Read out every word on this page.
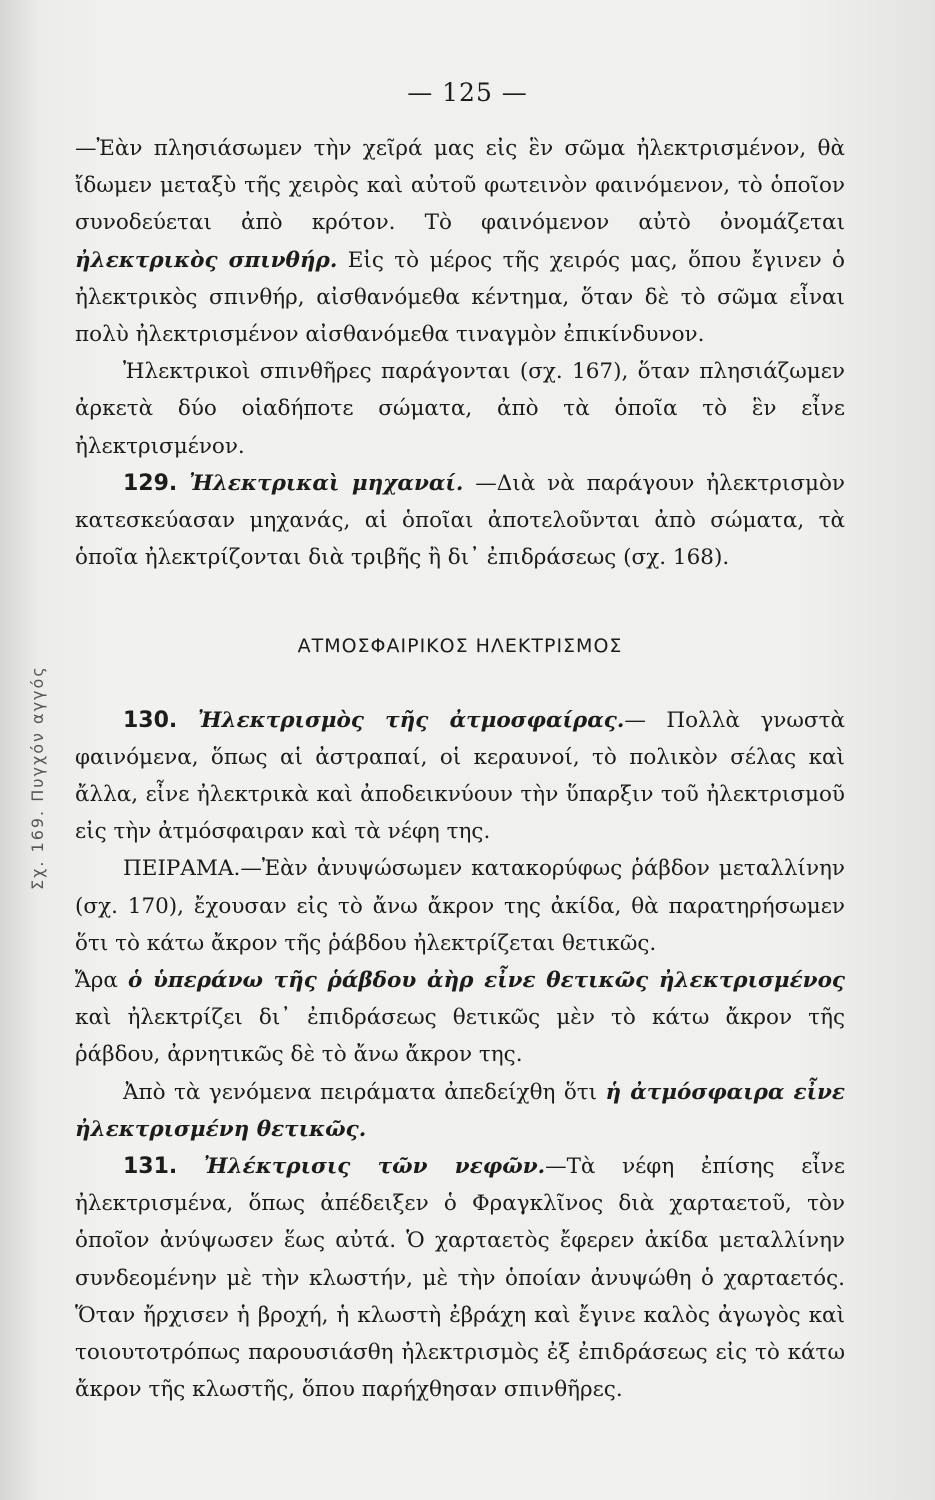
— 125 —
Σχ. 169. Πυγχόν αγγός

—Ἐὰν πλησιάσωμεν τὴν χεῖρά μας εἰς ἓν σῶμα ἠλεκτρισμένον, θὰ ἴδωμεν μεταξὺ τῆς χειρὸς καὶ αὐτοῦ φωτεινὸν φαινόμενον, τὸ ὁποῖον συνοδεύεται ἀπὸ κρότον. Τὸ φαινόμενον αὐτὸ ὀνομάζεται ἠλεκτρικὸς σπινθήρ. Εἰς τὸ μέρος τῆς χειρός μας, ὅπου ἔγινεν ὁ ἠλεκτρικὸς σπινθήρ, αἰσθανόμεθα κέντημα, ὅταν δὲ τὸ σῶμα εἶναι πολὺ ἠλεκτρισμένον αἰσθανόμεθα τιναγμὸν ἐπικίνδυνον.

Ἠλεκτρικοὶ σπινθῆρες παράγονται (σχ. 167), ὅταν πλησιάζωμεν ἀρκετὰ δύο οἱαδήποτε σώματα, ἀπὸ τὰ ὁποῖα τὸ ἓν εἶνε ἠλεκτρισμένον.

129. Ἠλεκτρικαὶ μηχαναί. —Διὰ νὰ παράγουν ἠλεκτρισμὸν κατεσκεύασαν μηχανάς, αἱ ὁποῖαι ἀποτελοῦνται ἀπὸ σώματα, τὰ ὁποῖα ἠλεκτρίζονται διὰ τριβῆς ἢ δι᾿ ἐπιδράσεως (σχ. 168).

ΑΤΜΟΣΦΑΙΡΙΚΟΣ ΗΛΕΚΤΡΙΣΜΟΣ

130. Ἠλεκτρισμὸς τῆς ἀτμοσφαίρας.— Πολλὰ γνωστὰ φαινόμενα, ὅπως αἱ ἀστραπαί, οἱ κεραυνοί, τὸ πολικὸν σέλας καὶ ἄλλα, εἶνε ἠλεκτρικὰ καὶ ἀποδεικνύουν τὴν ὕπαρξιν τοῦ ἠλεκτρισμοῦ εἰς τὴν ἀτμόσφαιραν καὶ τὰ νέφη της.

ΠΕΙΡΑΜΑ.—Ἐὰν ἀνυψώσωμεν κατακορύφως ῥάβδον μεταλλίνην (σχ. 170), ἔχουσαν εἰς τὸ ἄνω ἄκρον της ἀκίδα, θὰ παρατηρήσωμεν ὅτι τὸ κάτω ἄκρον τῆς ῥάβδου ἠλεκτρίζεται θετικῶς.

Ἄρα ὁ ὑπεράνω τῆς ῥάβδου ἀὴρ εἶνε θετικῶς ἠλεκτρισμένος καὶ ἠλεκτρίζει δι᾿ ἐπιδράσεως θετικῶς μὲν τὸ κάτω ἄκρον τῆς ῥάβδου, ἀρνητικῶς δὲ τὸ ἄνω ἄκρον της.

Ἀπὸ τὰ γενόμενα πειράματα ἀπεδείχθη ὅτι ἡ ἀτμόσφαιρα εἶνε ἠλεκτρισμένη θετικῶς.

131. Ἠλέκτρισις τῶν νεφῶν.—Τὰ νέφη ἐπίσης εἶνε ἠλεκτρισμένα, ὅπως ἀπέδειξεν ὁ Φραγκλῖνος διὰ χαρταετοῦ, τὸν ὁποῖον ἀνύψωσεν ἕως αὐτά. Ὁ χαρταετὸς ἔφερεν ἀκίδα μεταλλίνην συνδεομένην μὲ τὴν κλωστήν, μὲ τὴν ὁποίαν ἀνυψώθη ὁ χαρταετός. Ὅταν ἤρχισεν ἡ βροχή, ἡ κλωστὴ ἐβράχη καὶ ἔγινε καλὸς ἀγωγὸς καὶ τοιουτοτρόπως παρουσιάσθη ἠλεκτρισμὸς ἐξ ἐπιδράσεως εἰς τὸ κάτω ἄκρον τῆς κλωστῆς, ὅπου παρήχθησαν σπινθῆρες.
